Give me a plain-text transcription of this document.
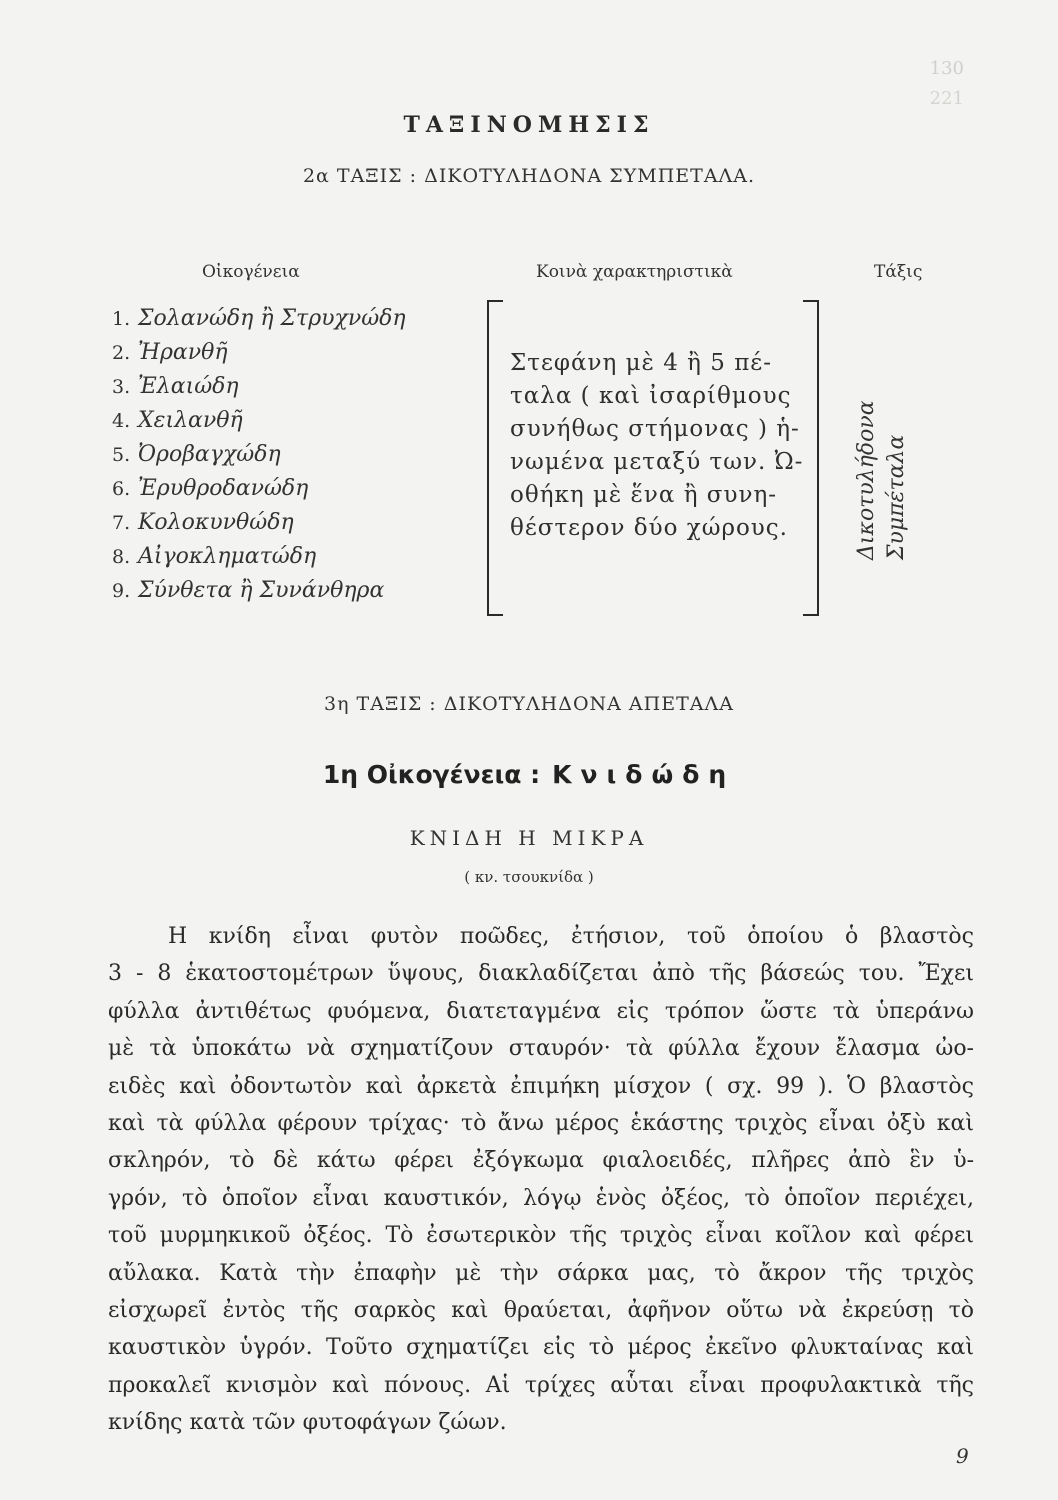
130
221
ΤΑΞΙΝΟΜΗΣΙΣ
2α ΤΑΞΙΣ : ΔΙΚΟΤΥΛΗΔΟΝΑ ΣΥΜΠΕΤΑΛΑ.
Οἰκογένεια	Κοινὰ χαρακτηριστικὰ	Τάξις
1. Σολανώδη ἢ Στρυχνώδη
2. Ἠρανθῆ
3. Ἐλαιώδη
4. Χειλανθῆ
5. Ὀροβαγχώδη
6. Ἐρυθροδανώδη
7. Κολοκυνθώδη
8. Αἰγοκληματώδη
9. Σύνθετα ἢ Συνάνθηρα
Στεφάνη μὲ 4 ἢ 5 πέ-
ταλα ( καὶ ἰσαρίθμους
συνήθως στήμονας ) ἡ-
νωμένα μεταξύ των. Ὠ-
οθήκη μὲ ἕνα ἢ συνη-
θέστερον δύο χώρους.	Δικοτυλήδονα Συμπέταλα
3η ΤΑΞΙΣ : ΔΙΚΟΤΥΛΗΔΟΝΑ ΑΠΕΤΑΛΑ
1η Οἰκογένεια : Κνιδώδη
ΚΝΙΔΗ Η ΜΙΚΡΑ
( κν. τσουκνίδα )
Η κνίδη εἶναι φυτὸν ποῶδες, ἐτήσιον, τοῦ ὁποίου ὁ βλαστὸς
3 - 8 ἑκατοστομέτρων ὕψους, διακλαδίζεται ἀπὸ τῆς βάσεώς του. Ἔχει
φύλλα ἀντιθέτως φυόμενα, διατεταγμένα εἰς τρόπον ὥστε τὰ ὑπεράνω
μὲ τὰ ὑποκάτω νὰ σχηματίζουν σταυρόν· τὰ φύλλα ἔχουν ἔλασμα ὠο-
ειδὲς καὶ ὀδοντωτὸν καὶ ἀρκετὰ ἐπιμήκη μίσχον ( σχ. 99 ). Ὁ βλαστὸς
καὶ τὰ φύλλα φέρουν τρίχας· τὸ ἄνω μέρος ἑκάστης τριχὸς εἶναι ὀξὺ καὶ
σκληρόν, τὸ δὲ κάτω φέρει ἐξόγκωμα φιαλοειδές, πλῆρες ἀπὸ ἓν ὑ-
γρόν, τὸ ὁποῖον εἶναι καυστικόν, λόγῳ ἑνὸς ὀξέος, τὸ ὁποῖον περιέχει,
τοῦ μυρμηκικοῦ ὀξέος. Τὸ ἐσωτερικὸν τῆς τριχὸς εἶναι κοῖλον καὶ φέρει
αὔλακα. Κατὰ τὴν ἐπαφὴν μὲ τὴν σάρκα μας, τὸ ἄκρον τῆς τριχὸς
εἰσχωρεῖ ἐντὸς τῆς σαρκὸς καὶ θραύεται, ἀφῆνον οὕτω νὰ ἐκρεύσῃ τὸ
καυστικὸν ὑγρόν. Τοῦτο σχηματίζει εἰς τὸ μέρος ἐκεῖνο φλυκταίνας καὶ
προκαλεῖ κνισμὸν καὶ πόνους. Αἱ τρίχες αὗται εἶναι προφυλακτικὰ τῆς
κνίδης κατὰ τῶν φυτοφάγων ζώων.
9
